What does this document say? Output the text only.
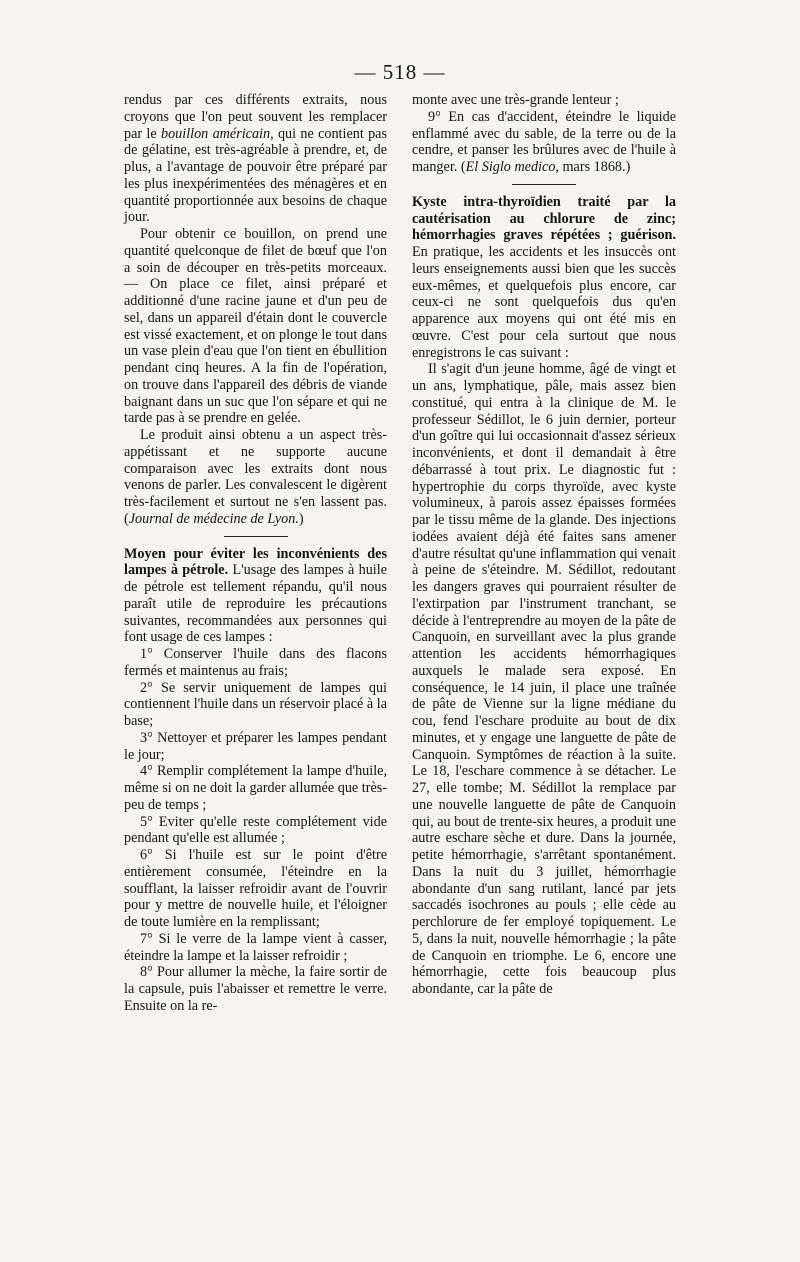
— 518 —

rendus par ces différents extraits, nous croyons que l'on peut souvent les remplacer par le bouillon américain, qui ne contient pas de gélatine, est très-agréable à prendre, et, de plus, a l'avantage de pouvoir être préparé par les plus inexpérimentées des ménagères et en quantité proportionnée aux besoins de chaque jour.

Pour obtenir ce bouillon, on prend une quantité quelconque de filet de bœuf que l'on a soin de découper en très-petits morceaux. — On place ce filet, ainsi préparé et additionné d'une racine jaune et d'un peu de sel, dans un appareil d'étain dont le couvercle est vissé exactement, et on plonge le tout dans un vase plein d'eau que l'on tient en ébullition pendant cinq heures. A la fin de l'opération, on trouve dans l'appareil des débris de viande baignant dans un suc que l'on sépare et qui ne tarde pas à se prendre en gelée.

Le produit ainsi obtenu a un aspect très-appétissant et ne supporte aucune comparaison avec les extraits dont nous venons de parler. Les convalescent le digèrent très-facilement et surtout ne s'en lassent pas. (Journal de médecine de Lyon.)

Moyen pour éviter les inconvénients des lampes à pétrole. L'usage des lampes à huile de pétrole est tellement répandu, qu'il nous paraît utile de reproduire les précautions suivantes, recommandées aux personnes qui font usage de ces lampes :

1° Conserver l'huile dans des flacons fermés et maintenus au frais;

2° Se servir uniquement de lampes qui contiennent l'huile dans un réservoir placé à la base;

3° Nettoyer et préparer les lampes pendant le jour;

4° Remplir complétement la lampe d'huile, même si on ne doit la garder allumée que très-peu de temps ;

5° Eviter qu'elle reste complétement vide pendant qu'elle est allumée ;

6° Si l'huile est sur le point d'être entièrement consumée, l'éteindre en la soufflant, la laisser refroidir avant de l'ouvrir pour y mettre de nouvelle huile, et l'éloigner de toute lumière en la remplissant;

7° Si le verre de la lampe vient à casser, éteindre la lampe et la laisser refroidir ;

8° Pour allumer la mèche, la faire sortir de la capsule, puis l'abaisser et remettre le verre. Ensuite on la re-

monte avec une très-grande lenteur ;

9° En cas d'accident, éteindre le liquide enflammé avec du sable, de la terre ou de la cendre, et panser les brûlures avec de l'huile à manger. (El Siglo medico, mars 1868.)

Kyste intra-thyroïdien traité par la cautérisation au chlorure de zinc; hémorrhagies graves répétées ; guérison. En pratique, les accidents et les insuccès ont leurs enseignements aussi bien que les succès eux-mêmes, et quelquefois plus encore, car ceux-ci ne sont quelquefois dus qu'en apparence aux moyens qui ont été mis en œuvre. C'est pour cela surtout que nous enregistrons le cas suivant :

Il s'agit d'un jeune homme, âgé de vingt et un ans, lymphatique, pâle, mais assez bien constitué, qui entra à la clinique de M. le professeur Sédillot, le 6 juin dernier, porteur d'un goître qui lui occasionnait d'assez sérieux inconvénients, et dont il demandait à être débarrassé à tout prix. Le diagnostic fut : hypertrophie du corps thyroïde, avec kyste volumineux, à parois assez épaisses formées par le tissu même de la glande. Des injections iodées avaient déjà été faites sans amener d'autre résultat qu'une inflammation qui venait à peine de s'éteindre. M. Sédillot, redoutant les dangers graves qui pourraient résulter de l'extirpation par l'instrument tranchant, se décide à l'entreprendre au moyen de la pâte de Canquoin, en surveillant avec la plus grande attention les accidents hémorrhagiques auxquels le malade sera exposé. En conséquence, le 14 juin, il place une traînée de pâte de Vienne sur la ligne médiane du cou, fend l'eschare produite au bout de dix minutes, et y engage une languette de pâte de Canquoin. Symptômes de réaction à la suite. Le 18, l'eschare commence à se détacher. Le 27, elle tombe; M. Sédillot la remplace par une nouvelle languette de pâte de Canquoin qui, au bout de trente-six heures, a produit une autre eschare sèche et dure. Dans la journée, petite hémorrhagie, s'arrêtant spontanément. Dans la nuit du 3 juillet, hémorrhagie abondante d'un sang rutilant, lancé par jets saccadés isochrones au pouls ; elle cède au perchlorure de fer employé topiquement. Le 5, dans la nuit, nouvelle hémorrhagie ; la pâte de Canquoin en triomphe. Le 6, encore une hémorrhagie, cette fois beaucoup plus abondante, car la pâte de
